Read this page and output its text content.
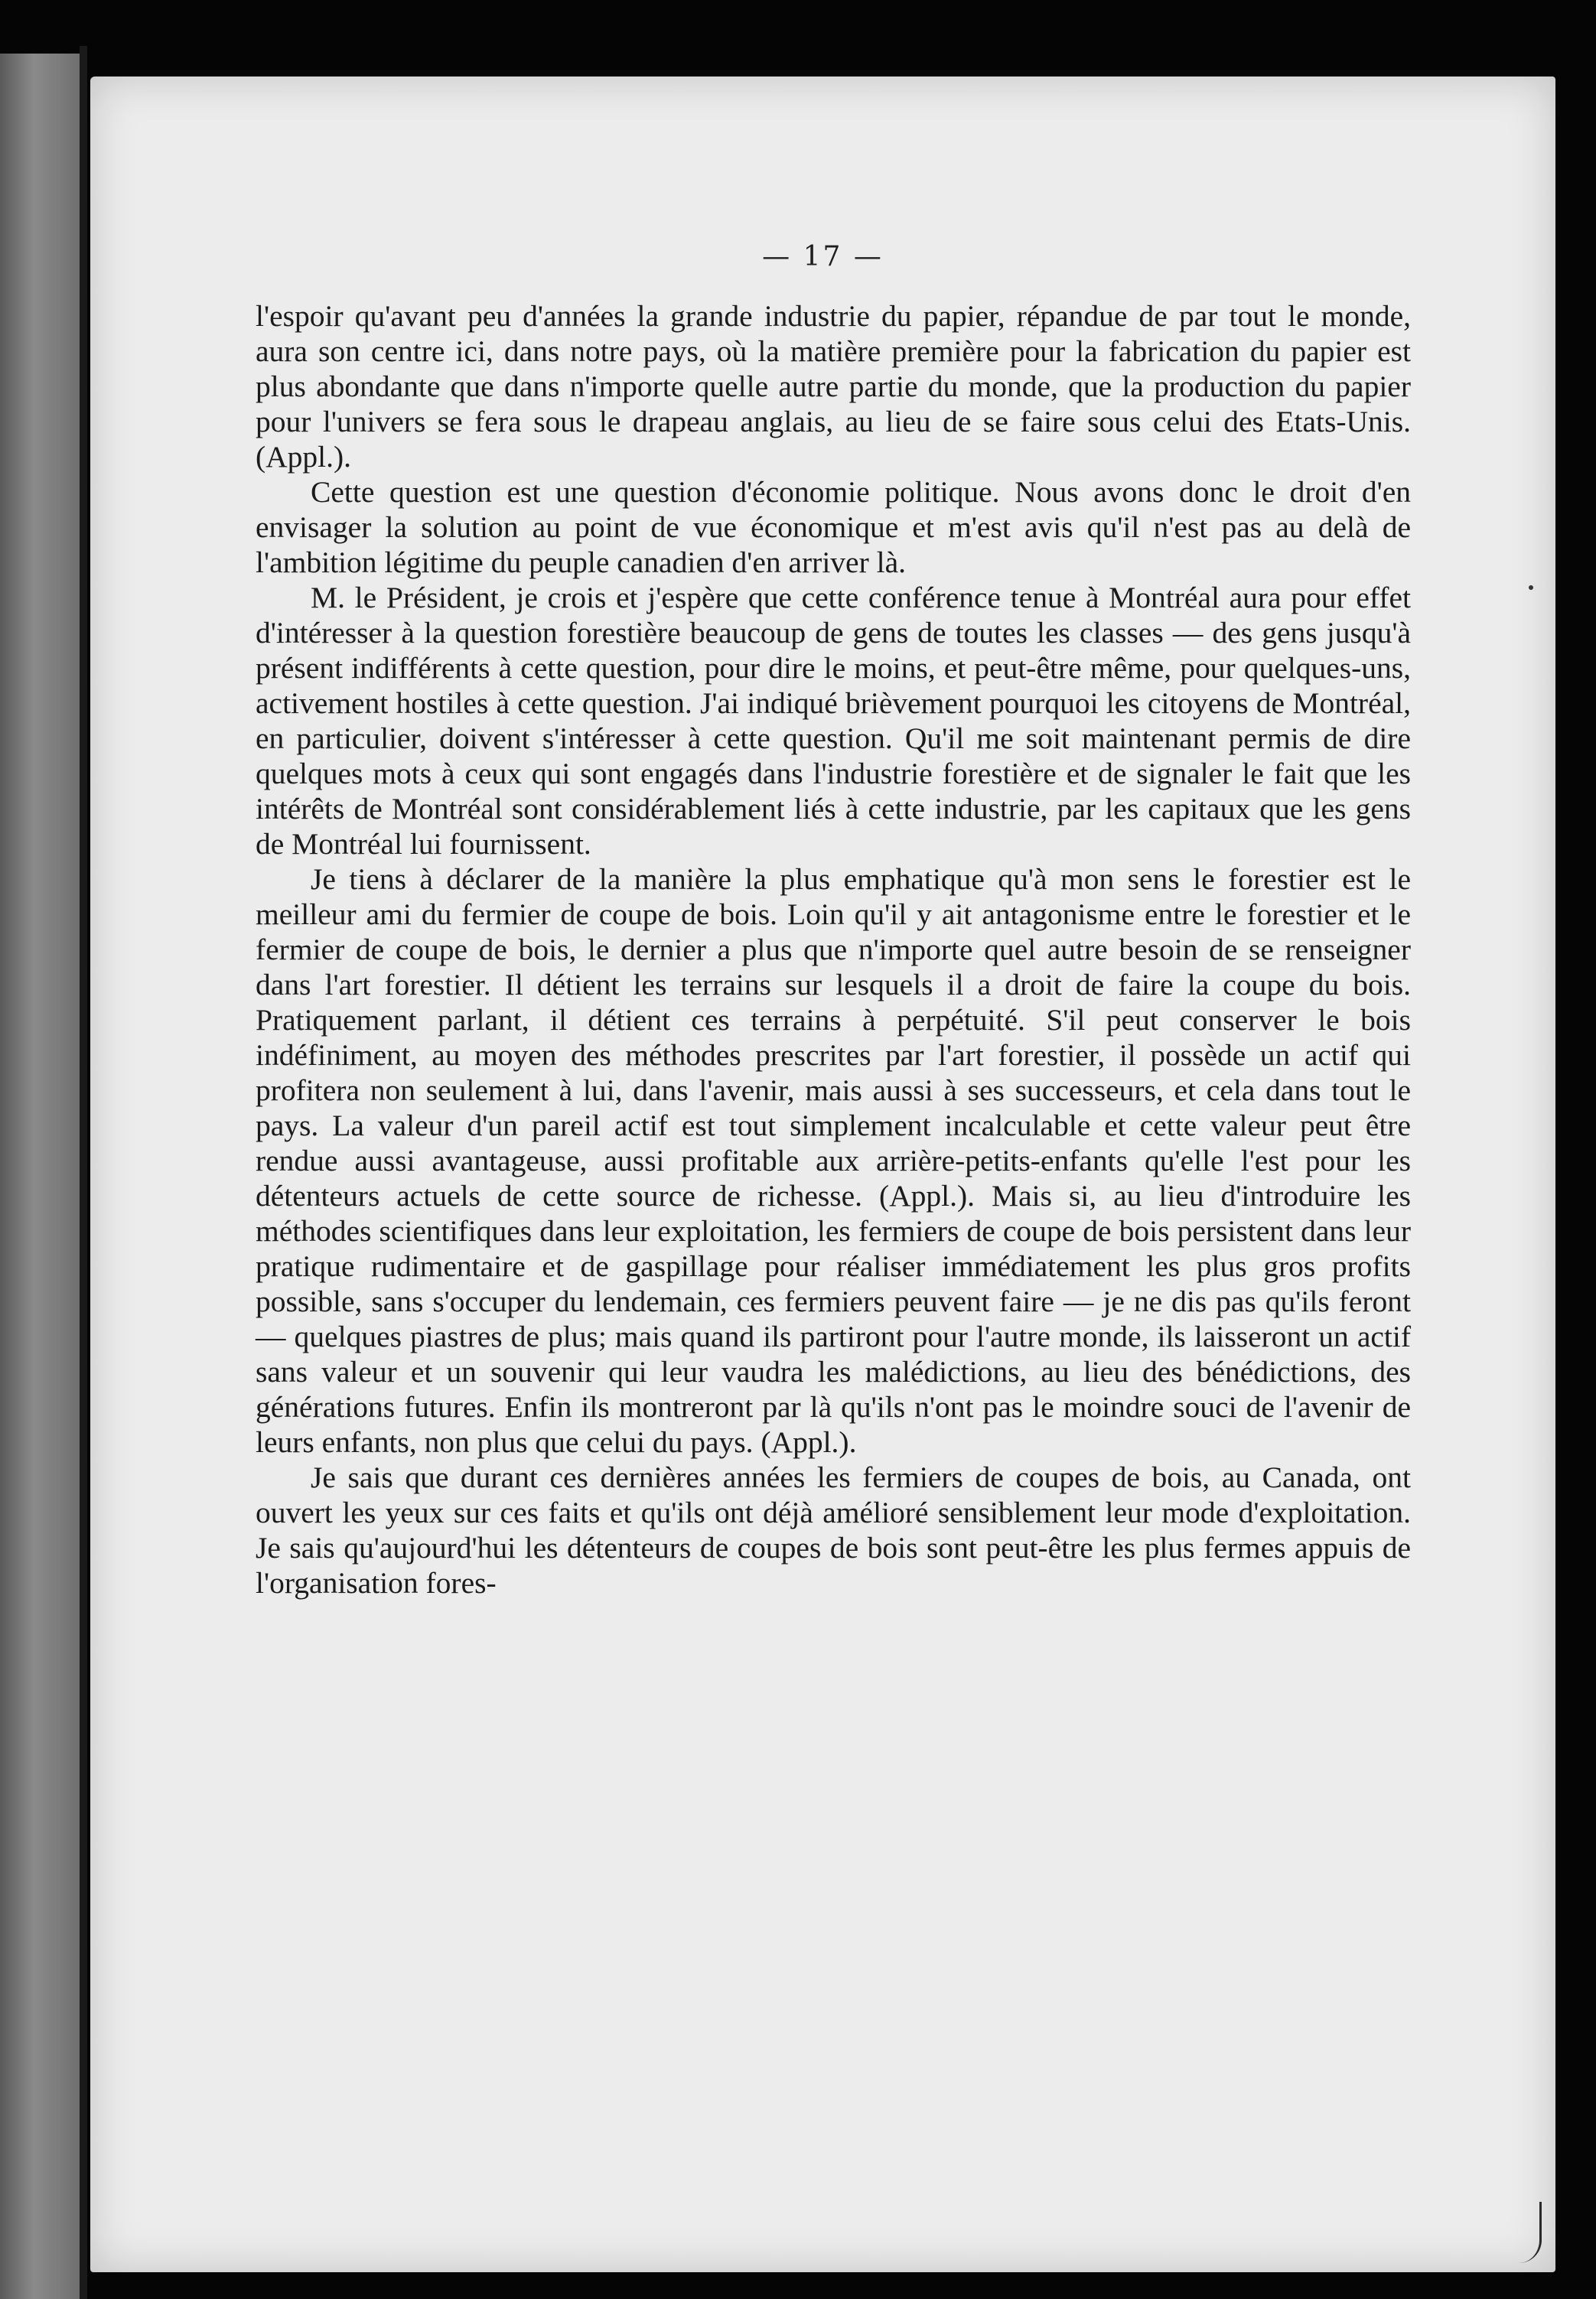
— 17 —

l'espoir qu'avant peu d'années la grande industrie du papier, répandue de par tout le monde, aura son centre ici, dans notre pays, où la matière première pour la fabrication du papier est plus abondante que dans n'importe quelle autre partie du monde, que la production du papier pour l'univers se fera sous le drapeau anglais, au lieu de se faire sous celui des Etats-Unis. (Appl.).

Cette question est une question d'économie politique. Nous avons donc le droit d'en envisager la solution au point de vue économique et m'est avis qu'il n'est pas au delà de l'ambition légitime du peuple canadien d'en arriver là.

M. le Président, je crois et j'espère que cette conférence tenue à Montréal aura pour effet d'intéresser à la question forestière beaucoup de gens de toutes les classes — des gens jusqu'à présent indifférents à cette question, pour dire le moins, et peut-être même, pour quelques-uns, activement hostiles à cette question. J'ai indiqué brièvement pourquoi les citoyens de Montréal, en particulier, doivent s'intéresser à cette question. Qu'il me soit maintenant permis de dire quelques mots à ceux qui sont engagés dans l'industrie forestière et de signaler le fait que les intérêts de Montréal sont considérablement liés à cette industrie, par les capitaux que les gens de Montréal lui fournissent.

Je tiens à déclarer de la manière la plus emphatique qu'à mon sens le forestier est le meilleur ami du fermier de coupe de bois. Loin qu'il y ait antagonisme entre le forestier et le fermier de coupe de bois, le dernier a plus que n'importe quel autre besoin de se renseigner dans l'art forestier. Il détient les terrains sur lesquels il a droit de faire la coupe du bois. Pratiquement parlant, il détient ces terrains à perpétuité. S'il peut conserver le bois indéfiniment, au moyen des méthodes prescrites par l'art forestier, il possède un actif qui profitera non seulement à lui, dans l'avenir, mais aussi à ses successeurs, et cela dans tout le pays. La valeur d'un pareil actif est tout simplement incalculable et cette valeur peut être rendue aussi avantageuse, aussi profitable aux arrière-petits-enfants qu'elle l'est pour les détenteurs actuels de cette source de richesse. (Appl.). Mais si, au lieu d'introduire les méthodes scientifiques dans leur exploitation, les fermiers de coupe de bois persistent dans leur pratique rudimentaire et de gaspillage pour réaliser immédiatement les plus gros profits possible, sans s'occuper du lendemain, ces fermiers peuvent faire — je ne dis pas qu'ils feront — quelques piastres de plus; mais quand ils partiront pour l'autre monde, ils laisseront un actif sans valeur et un souvenir qui leur vaudra les malédictions, au lieu des bénédictions, des générations futures. Enfin ils montreront par là qu'ils n'ont pas le moindre souci de l'avenir de leurs enfants, non plus que celui du pays. (Appl.).

Je sais que durant ces dernières années les fermiers de coupes de bois, au Canada, ont ouvert les yeux sur ces faits et qu'ils ont déjà amélioré sensiblement leur mode d'exploitation. Je sais qu'aujourd'hui les détenteurs de coupes de bois sont peut-être les plus fermes appuis de l'organisation fores-
